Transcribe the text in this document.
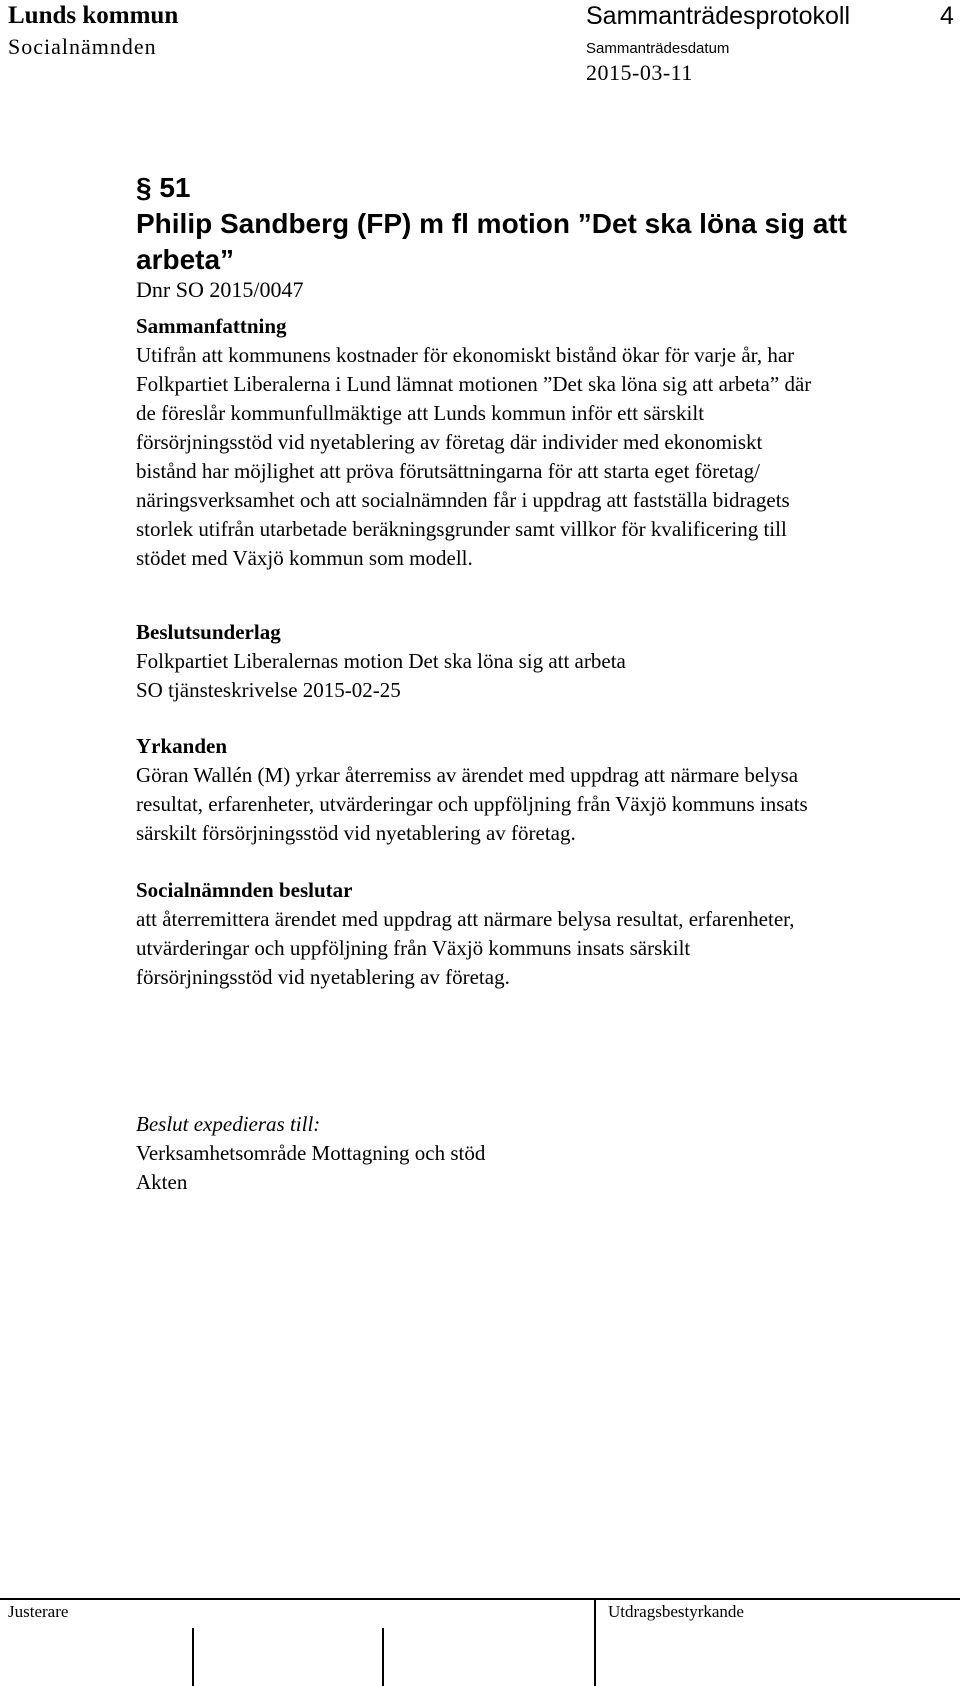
Lunds kommun
Socialnämnden
Sammanträdesprotokoll	4
Sammanträdesdatum
2015-03-11
§ 51
Philip Sandberg (FP) m fl motion ”Det ska löna sig att
arbeta”
Dnr SO 2015/0047
Sammanfattning
Utifrån att kommunens kostnader för ekonomiskt bistånd ökar för varje år, har
Folkpartiet Liberalerna i Lund lämnat motionen ”Det ska löna sig att arbeta” där
de föreslår kommunfullmäktige att Lunds kommun inför ett särskilt
försörjningsstöd vid nyetablering av företag där individer med ekonomiskt
bistånd har möjlighet att pröva förutsättningarna för att starta eget företag/
näringsverksamhet och att socialnämnden får i uppdrag att fastställa bidragets
storlek utifrån utarbetade beräkningsgrunder samt villkor för kvalificering till
stödet med Växjö kommun som modell.
Beslutsunderlag
Folkpartiet Liberalernas motion Det ska löna sig att arbeta
SO tjänsteskrivelse 2015-02-25
Yrkanden
Göran Wallén (M) yrkar återremiss av ärendet med uppdrag att närmare belysa
resultat, erfarenheter, utvärderingar och uppföljning från Växjö kommuns insats
särskilt försörjningsstöd vid nyetablering av företag.
Socialnämnden beslutar
att återremittera ärendet med uppdrag att närmare belysa resultat, erfarenheter,
utvärderingar och uppföljning från Växjö kommuns insats särskilt
försörjningsstöd vid nyetablering av företag.
Beslut expedieras till:
Verksamhetsområde Mottagning och stöd
Akten
Justerare	Utdragsbestyrkande
